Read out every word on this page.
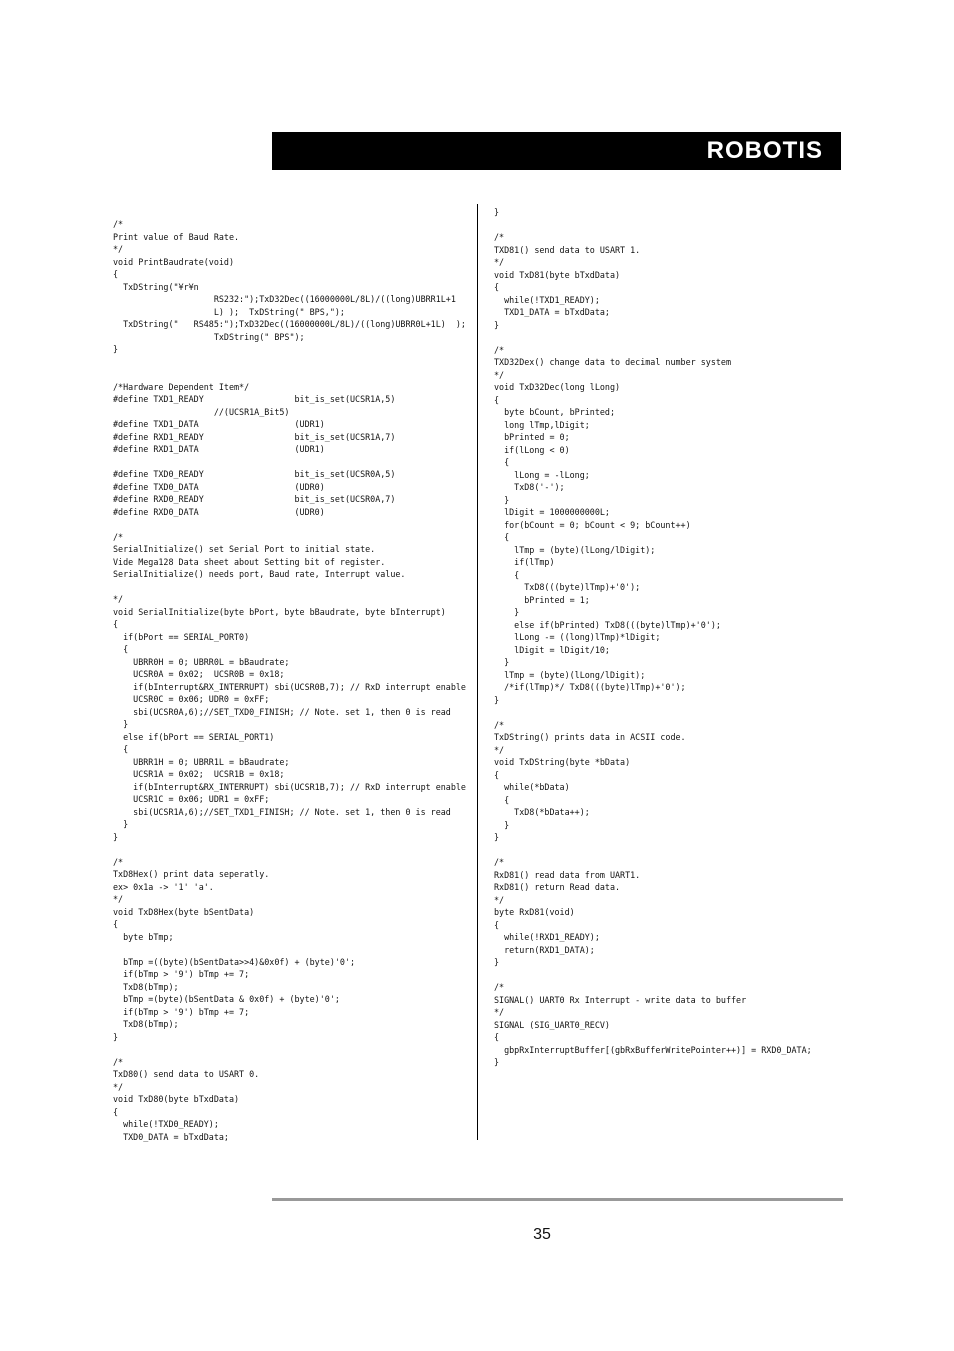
ROBOTIS
/*
Print value of Baud Rate.
*/
void PrintBaudrate(void)
{
TxDString("¥r¥n
RS232:");TxD32Dec((16000000L/8L)/((long)UBRR1L+1
L) );  TxDString(" BPS,");
TxDString("   RS485:");TxD32Dec((16000000L/8L)/((long)UBRR0L+1L)  );
TxDString(" BPS");
}

/*Hardware Dependent Item*/
#define TXD1_READY                  bit_is_set(UCSR1A,5)
//(UCSR1A_Bit5)
#define TXD1_DATA                   (UDR1)
#define RXD1_READY                  bit_is_set(UCSR1A,7)
#define RXD1_DATA                   (UDR1)

#define TXD0_READY                  bit_is_set(UCSR0A,5)
#define TXD0_DATA                   (UDR0)
#define RXD0_READY                  bit_is_set(UCSR0A,7)
#define RXD0_DATA                   (UDR0)

/*
SerialInitialize() set Serial Port to initial state.
Vide Mega128 Data sheet about Setting bit of register.
SerialInitialize() needs port, Baud rate, Interrupt value.

*/
void SerialInitialize(byte bPort, byte bBaudrate, byte bInterrupt)
{
if(bPort == SERIAL_PORT0)
{
UBRR0H = 0; UBRR0L = bBaudrate;
UCSR0A = 0x02;  UCSR0B = 0x18;
if(bInterrupt&RX_INTERRUPT) sbi(UCSR0B,7); // RxD interrupt enable
UCSR0C = 0x06; UDR0 = 0xFF;
sbi(UCSR0A,6);//SET_TXD0_FINISH; // Note. set 1, then 0 is read
}
else if(bPort == SERIAL_PORT1)
{
UBRR1H = 0; UBRR1L = bBaudrate;
UCSR1A = 0x02;  UCSR1B = 0x18;
if(bInterrupt&RX_INTERRUPT) sbi(UCSR1B,7); // RxD interrupt enable
UCSR1C = 0x06; UDR1 = 0xFF;
sbi(UCSR1A,6);//SET_TXD1_FINISH; // Note. set 1, then 0 is read
}
}

/*
TxD8Hex() print data seperatly.
ex> 0x1a -> '1' 'a'.
*/
void TxD8Hex(byte bSentData)
{
byte bTmp;

bTmp =((byte)(bSentData>>4)&0x0f) + (byte)'0';
if(bTmp > '9') bTmp += 7;
TxD8(bTmp);
bTmp =(byte)(bSentData & 0x0f) + (byte)'0';
if(bTmp > '9') bTmp += 7;
TxD8(bTmp);
}

/*
TxD80() send data to USART 0.
*/
void TxD80(byte bTxdData)
{
while(!TXD0_READY);
TXD0_DATA = bTxdData;
}

/*
TXD81() send data to USART 1.
*/
void TxD81(byte bTxdData)
{
while(!TXD1_READY);
TXD1_DATA = bTxdData;
}

/*
TXD32Dex() change data to decimal number system
*/
void TxD32Dec(long lLong)
{
byte bCount, bPrinted;
long lTmp,lDigit;
bPrinted = 0;
if(lLong < 0)
{
lLong = -lLong;
TxD8('-');
}
lDigit = 1000000000L;
for(bCount = 0; bCount < 9; bCount++)
{
lTmp = (byte)(lLong/lDigit);
if(lTmp)
{
TxD8(((byte)lTmp)+'0');
bPrinted = 1;
}
else if(bPrinted) TxD8(((byte)lTmp)+'0');
lLong -= ((long)lTmp)*lDigit;
lDigit = lDigit/10;
}
lTmp = (byte)(lLong/lDigit);
/*if(lTmp)*/ TxD8(((byte)lTmp)+'0');
}

/*
TxDString() prints data in ACSII code.
*/
void TxDString(byte *bData)
{
while(*bData)
{
TxD8(*bData++);
}
}

/*
RxD81() read data from UART1.
RxD81() return Read data.
*/
byte RxD81(void)
{
while(!RXD1_READY);
return(RXD1_DATA);
}

/*
SIGNAL() UART0 Rx Interrupt - write data to buffer
*/
SIGNAL (SIG_UART0_RECV)
{
gbpRxInterruptBuffer[(gbRxBufferWritePointer++)] = RXD0_DATA;
}
35
